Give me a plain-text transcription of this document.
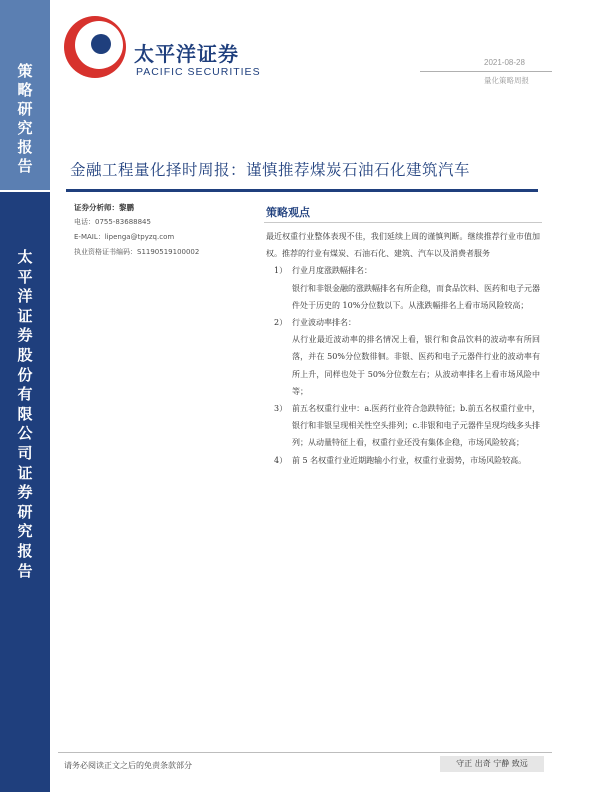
策
略
研
究
报
告
太
平
洋
证
券
股
份
有
限
公
司
证
券
研
究
报
告
太平洋证券
PACIFIC SECURITIES
2021-08-28
量化策略周报
金融工程量化择时周报：谨慎推荐煤炭石油石化建筑汽车
证券分析师：黎鹏
电话：0755-83688845
E-MAIL：lipenga@tpyzq.com
执业资格证书编码：S1190519100002
策略观点
最近权重行业整体表现不佳，我们延续上周的谨慎判断。继续推荐行业市值加权。推荐的行业有煤炭、石油石化、建筑、汽车以及消费者服务
1） 行业月度涨跌幅排名：
银行和非银金融的涨跌幅排名有所企稳，而食品饮料、医药和电子元器件处于历史的 10%分位数以下。从涨跌幅排名上看市场风险较高；
2） 行业波动率排名：
从行业最近波动率的排名情况上看，银行和食品饮料的波动率有所回落，并在 50%分位数徘徊。非银、医药和电子元器件行业的波动率有所上升，同样也处于 50%分位数左右；从波动率排名上看市场风险中等；
3） 前五名权重行业中：a.医药行业符合急跌特征；b.前五名权重行业中，银行和非银呈现相关性空头排列；c.非银和电子元器件呈现均线多头排列；从动量特征上看，权重行业还没有集体企稳，市场风险较高；
4） 前 5 名权重行业近期跑输小行业，权重行业弱势，市场风险较高。
请务必阅读正文之后的免责条款部分	守正 出奇 宁静 致远
